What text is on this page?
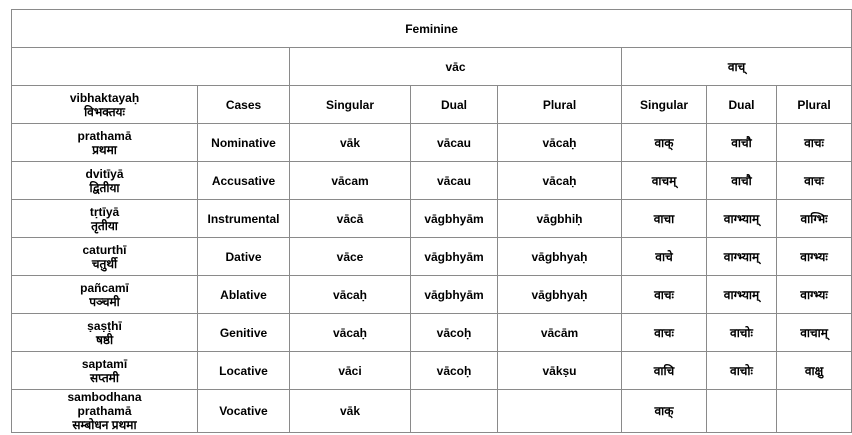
Feminine							
		vāc			वाच्		

vibhaktayaḥ
विभक्तयः	Cases	Singular	Dual	Plural	Singular	Dual	Plural

prathamā
प्रथमा	Nominative	vāk	vācau	vācaḥ	वाक्	वाचौ	वाचः

dvitīyā
द्वितीया	Accusative	vācam	vācau	vācaḥ	वाचम्	वाचौ	वाचः

tṛtīyā
तृतीया	Instrumental	vācā	vāgbhyām	vāgbhiḥ	वाचा	वाग्भ्याम्	वाग्भिः

caturthī
चतुर्थी	Dative	vāce	vāgbhyām	vāgbhyaḥ	वाचे	वाग्भ्याम्	वाग्भ्यः

pañcamī
पञ्चमी	Ablative	vācaḥ	vāgbhyām	vāgbhyaḥ	वाचः	वाग्भ्याम्	वाग्भ्यः

ṣaṣṭhī
षष्ठी	Genitive	vācaḥ	vācoḥ	vācām	वाचः	वाचोः	वाचाम्

saptamī
सप्तमी	Locative	vāci	vācoḥ	vākṣu	वाचि	वाचोः	वाक्षु

sambodhana
prathamā
सम्बोधन प्रथमा	Vocative	vāk			वाक्		
